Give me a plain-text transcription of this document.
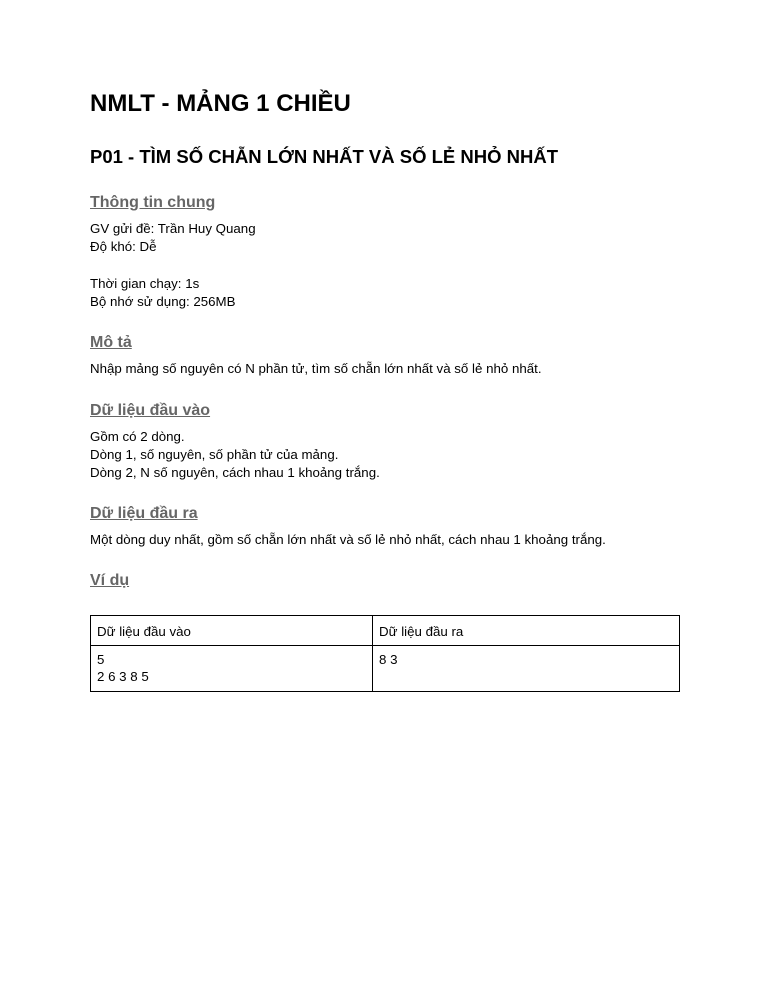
NMLT - MẢNG 1 CHIỀU
P01 - TÌM SỐ CHẴN LỚN NHẤT VÀ SỐ LẺ NHỎ NHẤT
Thông tin chung

GV gửi đề: Trần Huy Quang

Độ khó: Dễ

Thời gian chạy: 1s

Bộ nhớ sử dụng: 256MB

Mô tả

Nhập mảng số nguyên có N phần tử, tìm số chẵn lớn nhất và số lẻ nhỏ nhất.

Dữ liệu đầu vào

Gồm có 2 dòng.

Dòng 1, số nguyên, số phần tử của mảng.

Dòng 2, N số nguyên, cách nhau 1 khoảng trắng.

Dữ liệu đầu ra

Một dòng duy nhất, gồm số chẵn lớn nhất và số lẻ nhỏ nhất, cách nhau 1 khoảng trắng.

Ví dụ
Dữ liệu đầu vào	Dữ liệu đầu ra

5
2 6 3 8 5	8 3
